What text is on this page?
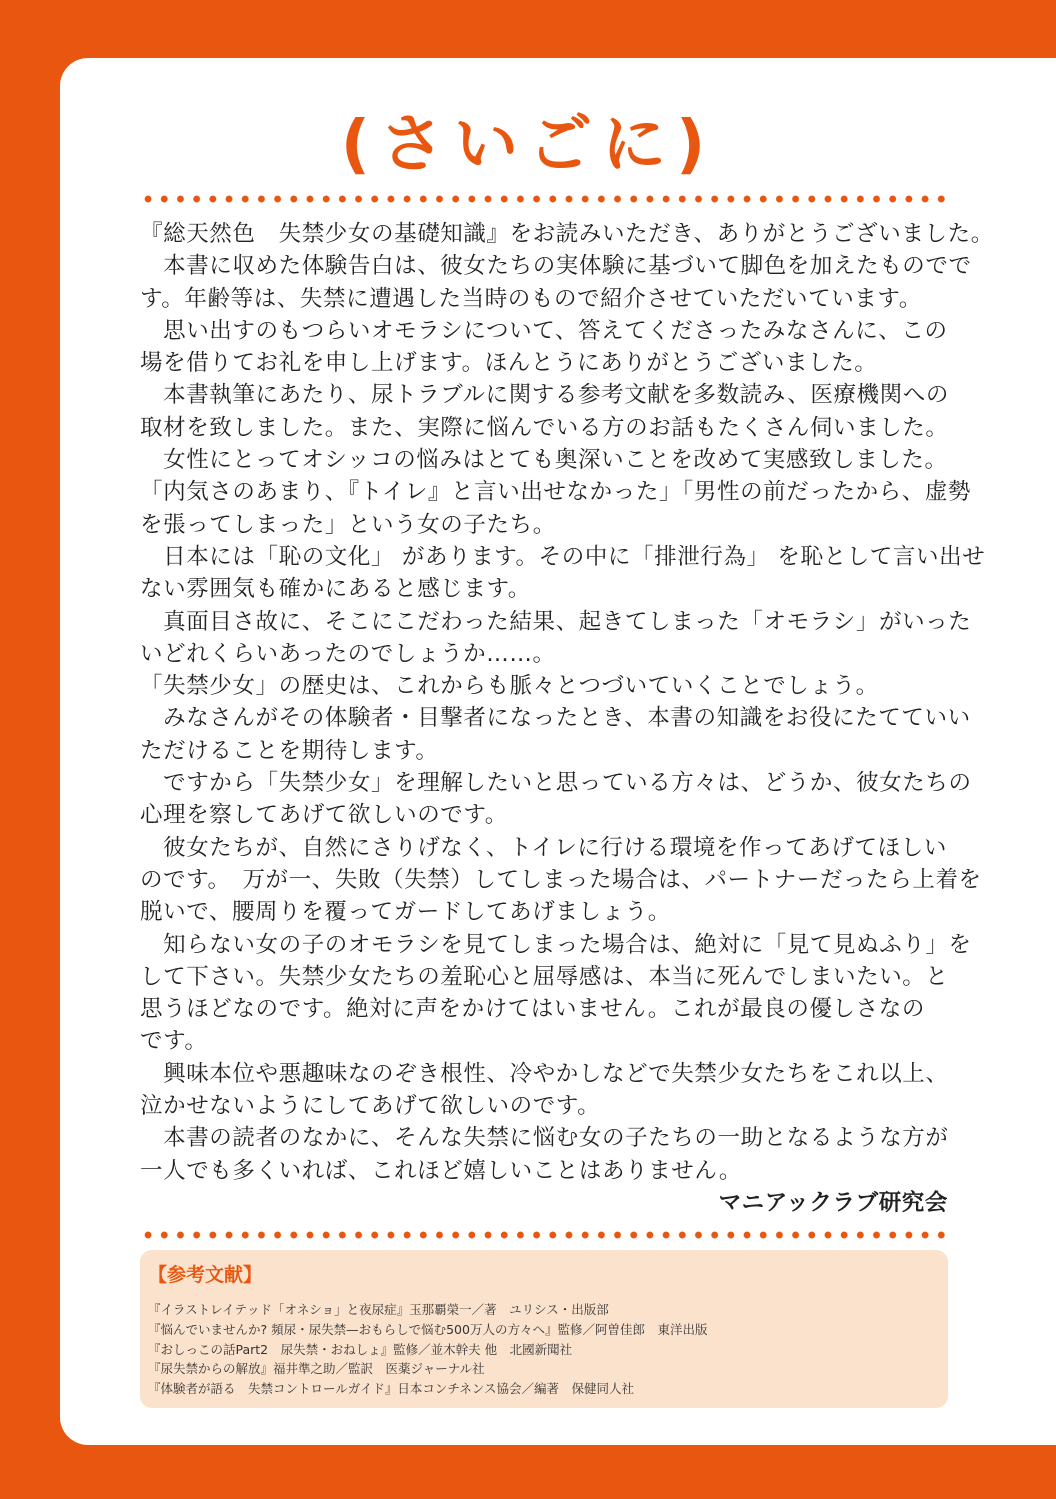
(さいごに)
『総天然色　失禁少女の基礎知識』をお読みいただき、ありがとうございました。
　本書に収めた体験告白は、彼女たちの実体験に基づいて脚色を加えたものでで
す。年齢等は、失禁に遭遇した当時のもので紹介させていただいています。
　思い出すのもつらいオモラシについて、答えてくださったみなさんに、この
場を借りてお礼を申し上げます。ほんとうにありがとうございました。
　本書執筆にあたり、尿トラブルに関する参考文献を多数読み、医療機関への
取材を致しました。また、実際に悩んでいる方のお話もたくさん伺いました。
　女性にとってオシッコの悩みはとても奥深いことを改めて実感致しました。
「内気さのあまり、『トイレ』と言い出せなかった」「男性の前だったから、虚勢
を張ってしまった」という女の子たち。
　日本には「恥の文化」 があります。その中に「排泄行為」 を恥として言い出せ
ない雰囲気も確かにあると感じます。
　真面目さ故に、そこにこだわった結果、起きてしまった「オモラシ」がいった
いどれくらいあったのでしょうか……。
「失禁少女」の歴史は、これからも脈々とつづいていくことでしょう。
　みなさんがその体験者・目撃者になったとき、本書の知識をお役にたてていい
ただけることを期待します。
　ですから「失禁少女」を理解したいと思っている方々は、どうか、彼女たちの
心理を察してあげて欲しいのです。
　彼女たちが、自然にさりげなく、トイレに行ける環境を作ってあげてほしい
のです。　万が一、失敗（失禁）してしまった場合は、パートナーだったら上着を
脱いで、腰周りを覆ってガードしてあげましょう。
　知らない女の子のオモラシを見てしまった場合は、絶対に「見て見ぬふり」を
して下さい。失禁少女たちの羞恥心と屈辱感は、本当に死んでしまいたい。と
思うほどなのです。絶対に声をかけてはいません。これが最良の優しさなの
です。
　興味本位や悪趣味なのぞき根性、冷やかしなどで失禁少女たちをこれ以上、
泣かせないようにしてあげて欲しいのです。
　本書の読者のなかに、そんな失禁に悩む女の子たちの一助となるような方が
一人でも多くいれば、これほど嬉しいことはありません。
マニアックラブ研究会
【参考文献】
『イラストレイテッド「オネショ」と夜尿症』玉那覇榮一／著　ユリシス・出版部
『悩んでいませんか? 頻尿・尿失禁—おもらしで悩む500万人の方々へ』監修／阿曽佳郎　東洋出版
『おしっこの話Part2　尿失禁・おねしょ』監修／並木幹夫 他　北國新聞社
『尿失禁からの解放』福井準之助／監訳　医薬ジャーナル社
『体験者が語る　失禁コントロールガイド』日本コンチネンス協会／編著　保健同人社
